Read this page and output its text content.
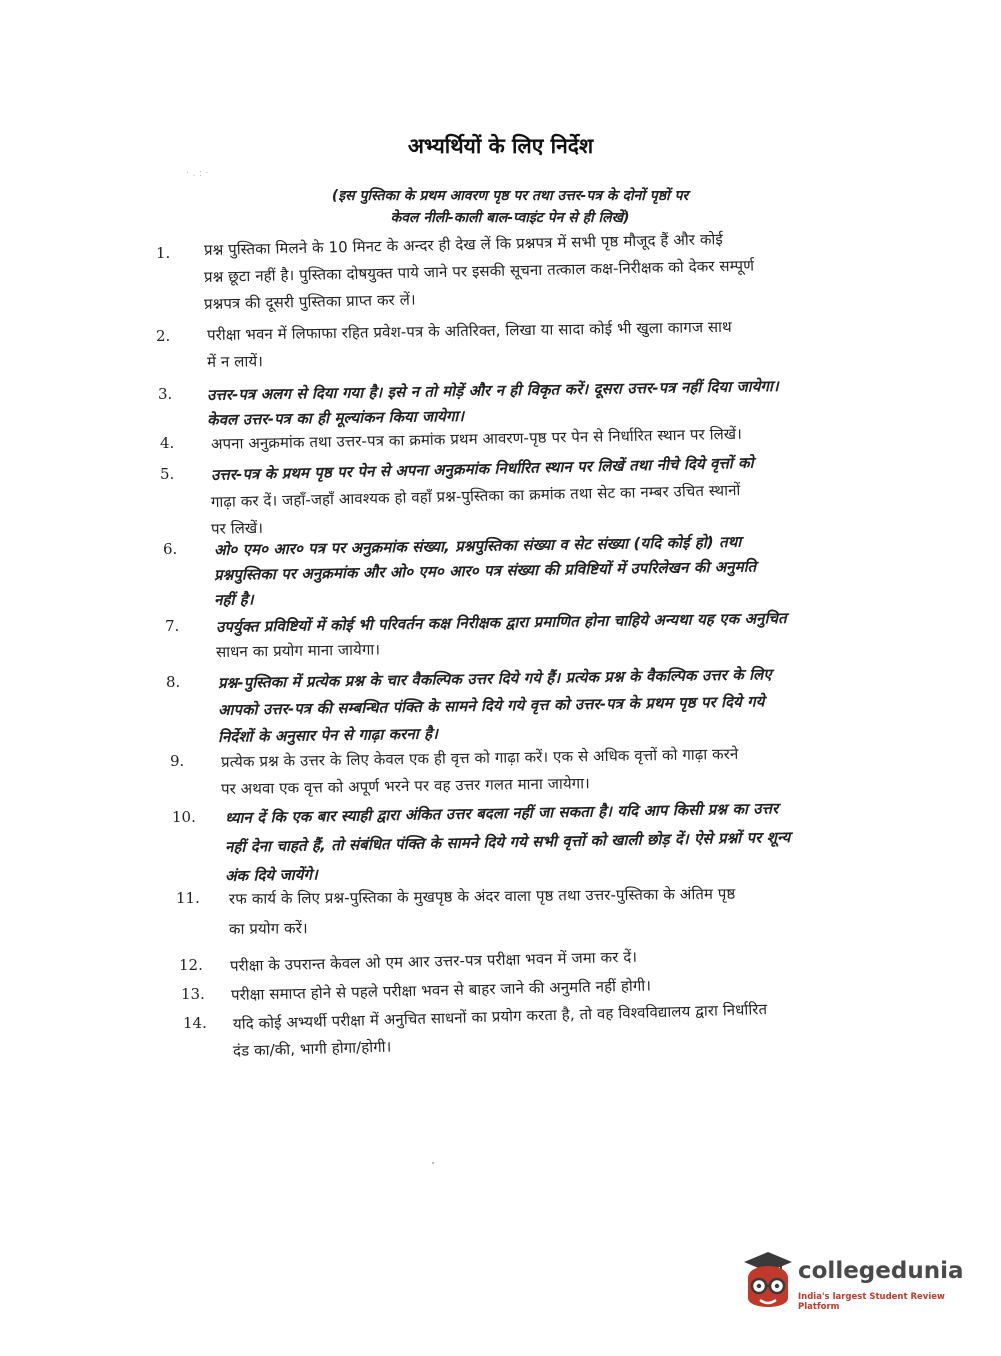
अभ्यर्थियों के लिए निर्देश
· . : ·
(इस पुस्तिका के प्रथम आवरण पृष्ठ पर तथा उत्तर-पत्र के दोनों पृष्ठों पर
केवल नीली-काली बाल-प्वाइंट पेन से ही लिखें)
1. प्रश्न पुस्तिका मिलने के 10 मिनट के अन्दर ही देख लें कि प्रश्नपत्र में सभी पृष्ठ मौजूद हैं और कोई
प्रश्न छूटा नहीं है। पुस्तिका दोषयुक्त पाये जाने पर इसकी सूचना तत्काल कक्ष-निरीक्षक को देकर सम्पूर्ण
प्रश्नपत्र की दूसरी पुस्तिका प्राप्त कर लें।
2. परीक्षा भवन में लिफाफा रहित प्रवेश-पत्र के अतिरिक्त, लिखा या सादा कोई भी खुला कागज साथ
में न लायें।
3. उत्तर-पत्र अलग से दिया गया है। इसे न तो मोड़ें और न ही विकृत करें। दूसरा उत्तर-पत्र नहीं दिया जायेगा।
केवल उत्तर-पत्र का ही मूल्यांकन किया जायेगा।
4. अपना अनुक्रमांक तथा उत्तर-पत्र का क्रमांक प्रथम आवरण-पृष्ठ पर पेन से निर्धारित स्थान पर लिखें।
5. उत्तर-पत्र के प्रथम पृष्ठ पर पेन से अपना अनुक्रमांक निर्धारित स्थान पर लिखें तथा नीचे दिये वृत्तों को
गाढ़ा कर दें। जहाँ-जहाँ आवश्यक हो वहाँ प्रश्न-पुस्तिका का क्रमांक तथा सेट का नम्बर उचित स्थानों
पर लिखें।
6. ओ० एम० आर० पत्र पर अनुक्रमांक संख्या, प्रश्नपुस्तिका संख्या व सेट संख्या (यदि कोई हो) तथा
प्रश्नपुस्तिका पर अनुक्रमांक और ओ० एम० आर० पत्र संख्या की प्रविष्टियों में उपरिलेखन की अनुमति
नहीं है।
7. उपर्युक्त प्रविष्टियों में कोई भी परिवर्तन कक्ष निरीक्षक द्वारा प्रमाणित होना चाहिये अन्यथा यह एक अनुचित
साधन का प्रयोग माना जायेगा।
8.	प्रश्न-पुस्तिका में प्रत्येक प्रश्न के चार वैकल्पिक उत्तर दिये गये हैं। प्रत्येक प्रश्न के वैकल्पिक उत्तर के लिए
आपको उत्तर-पत्र की सम्बन्धित पंक्ति के सामने दिये गये वृत्त को उत्तर-पत्र के प्रथम पृष्ठ पर दिये गये
निर्देशों के अनुसार पेन से गाढ़ा करना है।
9. प्रत्येक प्रश्न के उत्तर के लिए केवल एक ही वृत्त को गाढ़ा करें। एक से अधिक वृत्तों को गाढ़ा करने
पर अथवा एक वृत्त को अपूर्ण भरने पर वह उत्तर गलत माना जायेगा।
10. ध्यान दें कि एक बार स्याही द्वारा अंकित उत्तर बदला नहीं जा सकता है। यदि आप किसी प्रश्न का उत्तर
नहीं देना चाहते हैं, तो संबंधित पंक्ति के सामने दिये गये सभी वृत्तों को खाली छोड़ दें। ऐसे प्रश्नों पर शून्य
अंक दिये जायेंगे।
11. रफ कार्य के लिए प्रश्न-पुस्तिका के मुखपृष्ठ के अंदर वाला पृष्ठ तथा उत्तर-पुस्तिका के अंतिम पृष्ठ
का प्रयोग करें।
12. परीक्षा के उपरान्त केवल ओ एम आर उत्तर-पत्र परीक्षा भवन में जमा कर दें।
13. परीक्षा समाप्त होने से पहले परीक्षा भवन से बाहर जाने की अनुमति नहीं होगी।
14. यदि कोई अभ्यर्थी परीक्षा में अनुचित साधनों का प्रयोग करता है, तो वह विश्वविद्यालय द्वारा निर्धारित
दंड का/की, भागी होगा/होगी।
collegedunia
India's largest Student Review Platform
